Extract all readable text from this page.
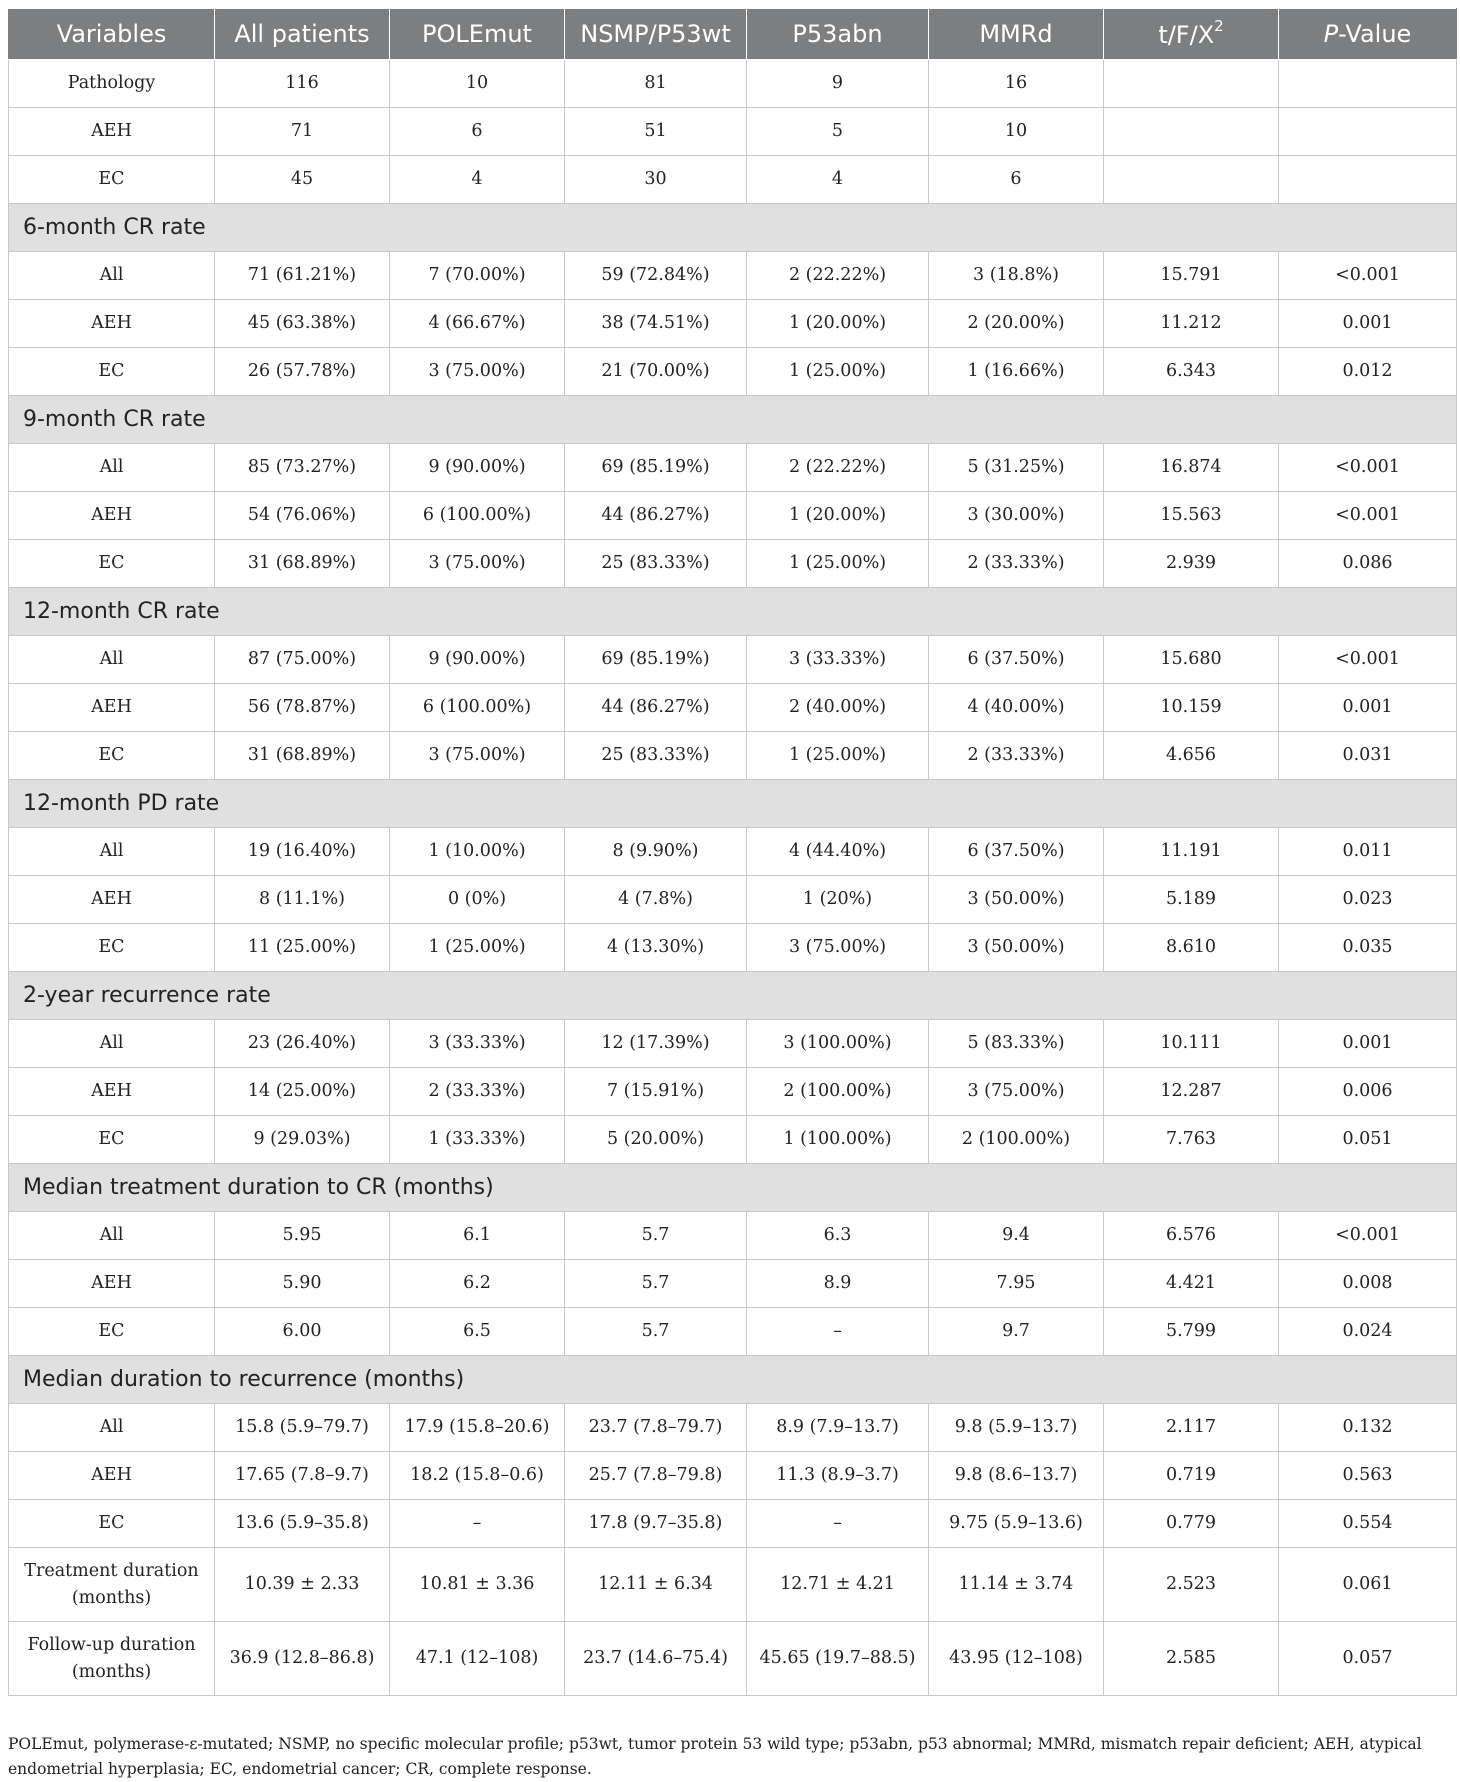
Variables	All patients	POLEmut	NSMP/P53wt	P53abn	MMRd	$t/F/X^2$	P-Value
Pathology	116	10	81	9	16		
AEH	71	6	51	5	10		
EC	45	4	30	4	6		
6-month CR rate							
All	71 (61.21%)	7 (70.00%)	59 (72.84%)	2 (22.22%)	3 (18.8%)	15.791	<0.001
AEH	45 (63.38%)	4 (66.67%)	38 (74.51%)	1 (20.00%)	2 (20.00%)	11.212	0.001
EC	26 (57.78%)	3 (75.00%)	21 (70.00%)	1 (25.00%)	1 (16.66%)	6.343	0.012
9-month CR rate							
All	85 (73.27%)	9 (90.00%)	69 (85.19%)	2 (22.22%)	5 (31.25%)	16.874	<0.001
AEH	54 (76.06%)	6 (100.00%)	44 (86.27%)	1 (20.00%)	3 (30.00%)	15.563	<0.001
EC	31 (68.89%)	3 (75.00%)	25 (83.33%)	1 (25.00%)	2 (33.33%)	2.939	0.086
12-month CR rate							
All	87 (75.00%)	9 (90.00%)	69 (85.19%)	3 (33.33%)	6 (37.50%)	15.680	<0.001
AEH	56 (78.87%)	6 (100.00%)	44 (86.27%)	2 (40.00%)	4 (40.00%)	10.159	0.001
EC	31 (68.89%)	3 (75.00%)	25 (83.33%)	1 (25.00%)	2 (33.33%)	4.656	0.031
12-month PD rate							
All	19 (16.40%)	1 (10.00%)	8 (9.90%)	4 (44.40%)	6 (37.50%)	11.191	0.011
AEH	8 (11.1%)	0 (0%)	4 (7.8%)	1 (20%)	3 (50.00%)	5.189	0.023
EC	11 (25.00%)	1 (25.00%)	4 (13.30%)	3 (75.00%)	3 (50.00%)	8.610	0.035
2-year recurrence rate							
All	23 (26.40%)	3 (33.33%)	12 (17.39%)	3 (100.00%)	5 (83.33%)	10.111	0.001
AEH	14 (25.00%)	2 (33.33%)	7 (15.91%)	2 (100.00%)	3 (75.00%)	12.287	0.006
EC	9 (29.03%)	1 (33.33%)	5 (20.00%)	1 (100.00%)	2 (100.00%)	7.763	0.051
Median treatment duration to CR (months)							
All	5.95	6.1	5.7	6.3	9.4	6.576	<0.001
AEH	5.90	6.2	5.7	8.9	7.95	4.421	0.008
EC	6.00	6.5	5.7	–	9.7	5.799	0.024
Median duration to recurrence (months)							
All	15.8 (5.9–79.7)	17.9 (15.8–20.6)	23.7 (7.8–79.7)	8.9 (7.9–13.7)	9.8 (5.9–13.7)	2.117	0.132
AEH	17.65 (7.8–9.7)	18.2 (15.8–0.6)	25.7 (7.8–79.8)	11.3 (8.9–3.7)	9.8 (8.6–13.7)	0.719	0.563
EC	13.6 (5.9–35.8)	–	17.8 (9.7–35.8)	–	9.75 (5.9–13.6)	0.779	0.554
Treatment duration (months)	10.39 ± 2.33	10.81 ± 3.36	12.11 ± 6.34	12.71 ± 4.21	11.14 ± 3.74	2.523	0.061
Follow-up duration (months)	36.9 (12.8–86.8)	47.1 (12–108)	23.7 (14.6–75.4)	45.65 (19.7–88.5)	43.95 (12–108)	2.585	0.057
POLEmut, polymerase-ε-mutated; NSMP, no specific molecular profile; p53wt, tumor protein 53 wild type; p53abn, p53 abnormal; MMRd, mismatch repair deficient; AEH, atypical endometrial hyperplasia; EC, endometrial cancer; CR, complete response.
